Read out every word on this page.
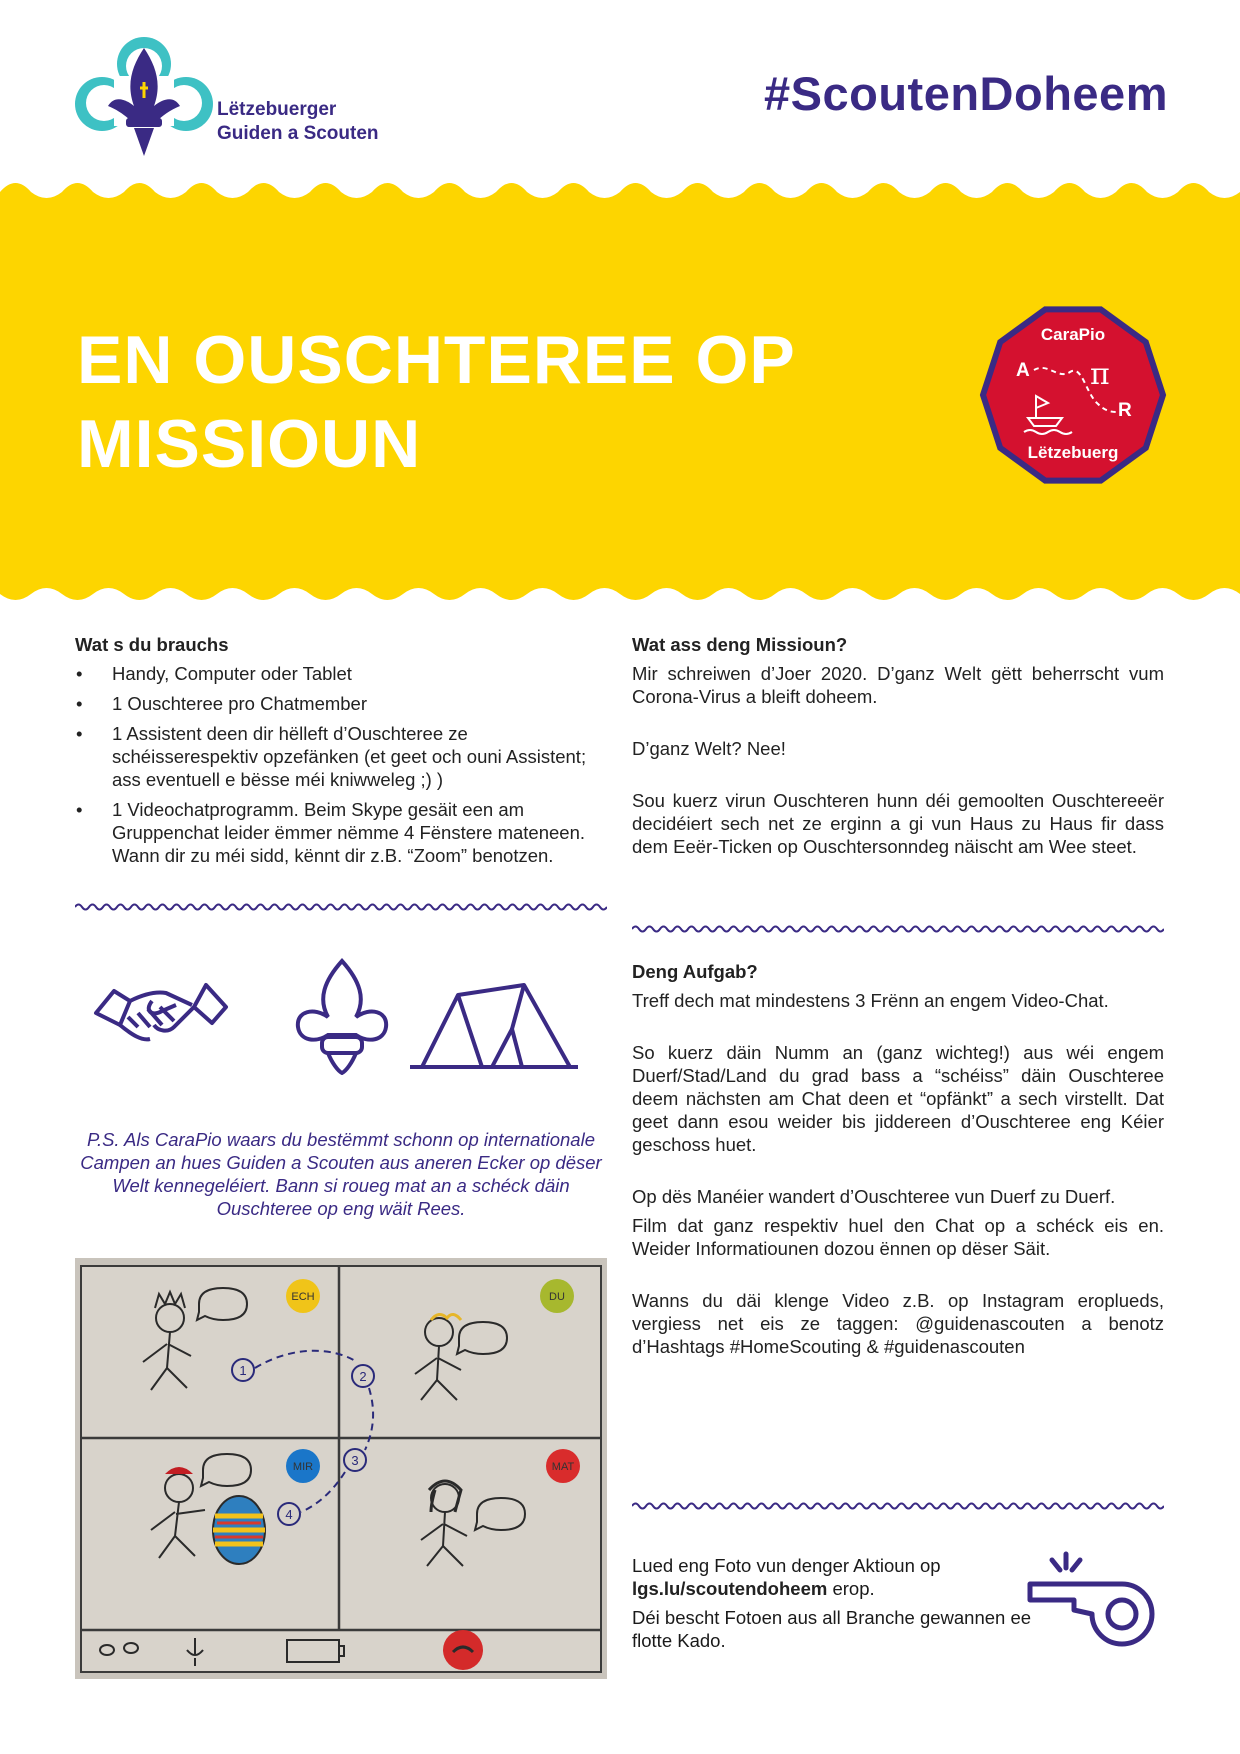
Lëtzebuerger
Guiden a Scouten
#ScoutenDoheem
EN OUSCHTEREE OP
MISSIOUN
CaraPio
A π
R
Lëtzebuerg
Wat s du brauchs
• Handy, Computer oder Tablet
• 1 Ouschteree pro Chatmember
• 1 Assistent deen dir hëlleft d’Ouschteree ze schéisserespektiv opzefänken (et geet och ouni Assistent; ass eventuell e bësse méi kniwweleg ;) )
• 1 Videochatprogramm. Beim Skype gesäit een am Gruppenchat leider ëmmer nëmme 4 Fënstere mateneen. Wann dir zu méi sidd, kënnt dir z.B. “Zoom” benotzen.
P.S. Als CaraPio waars du bestëmmt schonn op internationale Campen an hues Guiden a Scouten aus aneren Ecker op dëser Welt kennegeléiert. Bann si roueg mat an a schéck däin Ouschteree op eng wäit Rees.
ECH	DU
MIR	MAT
1	2
3
4
Wat ass deng Missioun?

Mir schreiwen d’Joer 2020. D’ganz Welt gëtt beherrscht vum Corona-Virus a bleift doheem.

D’ganz Welt? Nee!

Sou kuerz virun Ouschteren hunn déi gemoolten Ouschtereeër decidéiert sech net ze erginn a gi vun Haus zu Haus fir dass dem Eeër-Ticken op Ouschtersonndeg näischt am Wee steet.

Deng Aufgab?

Treff dech mat mindestens 3 Frënn an engem Video-Chat.

So kuerz däin Numm an (ganz wichteg!) aus wéi engem Duerf/Stad/Land du grad bass a “schéiss” däin Ouschteree deem nächsten am Chat deen et “opfänkt” a sech virstellt. Dat geet dann esou weider bis jiddereen d’Ouschteree eng Kéier geschoss huet.

Op dës Manéier wandert d’Ouschteree vun Duerf zu Duerf.

Film dat ganz respektiv huel den Chat op a schéck eis en. Weider Informatiounen dozou ënnen op dëser Säit.

Wanns du däi klenge Video z.B. op Instagram eroplueds, vergiess net eis ze taggen: @guidenascouten a benotz d’Hashtags #HomeScouting & #guidenascouten

Lued eng Foto vun denger Aktioun op lgs.lu/scoutendoheem erop.

Déi bescht Fotoen aus all Branche gewannen ee flotte Kado.
